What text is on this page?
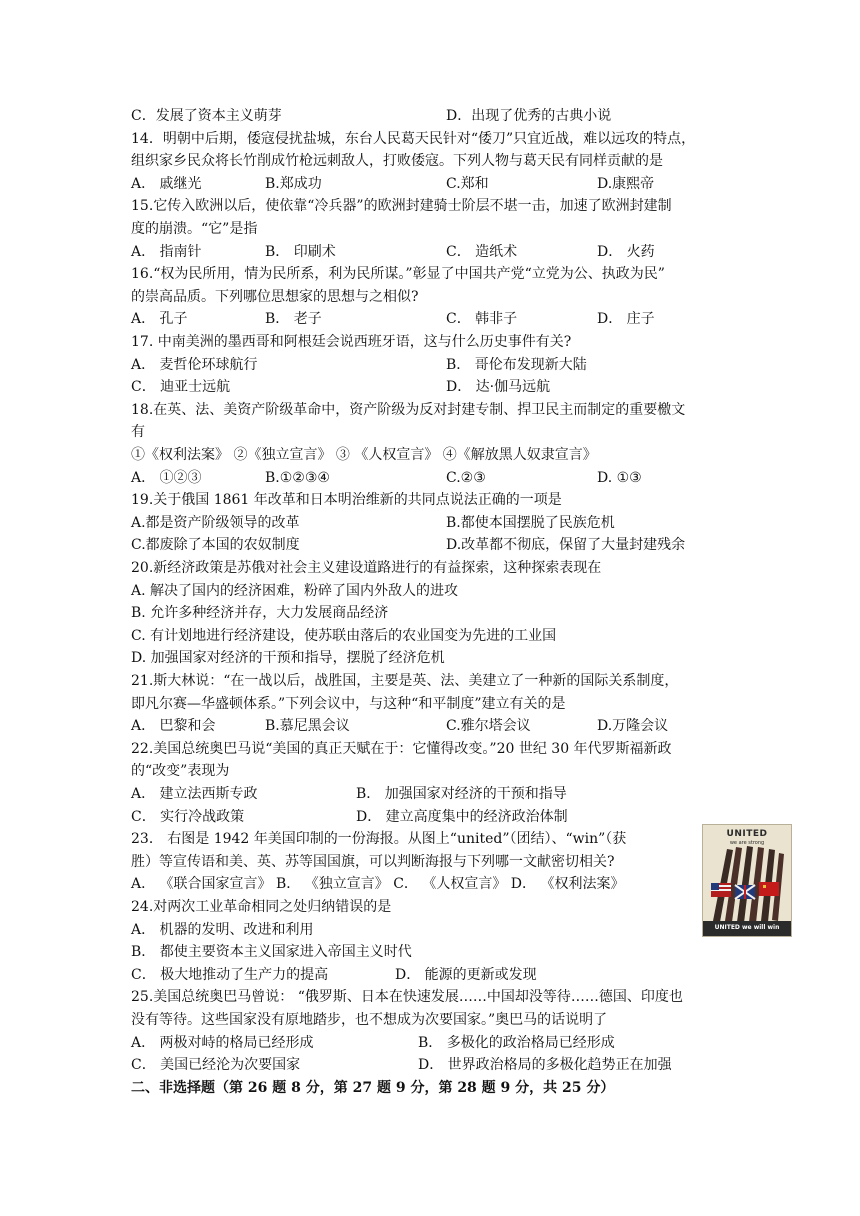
C．发展了资本主义萌芽	D．出现了优秀的古典小说
14．明朝中后期，倭寇侵扰盐城，东台人民葛天民针对“倭刀”只宜近战，难以远攻的特点，
组织家乡民众将长竹削成竹枪远刺敌人，打败倭寇。下列人物与葛天民有同样贡献的是
A． 戚继光	B.郑成功	C.郑和	D.康熙帝
15.它传入欧洲以后，使依靠“冷兵器”的欧洲封建骑士阶层不堪一击，加速了欧洲封建制
度的崩溃。“它”是指
A． 指南针	B． 印刷术	C． 造纸术	D． 火药
16.“权为民所用，情为民所系，利为民所谋。”彰显了中国共产党“立党为公、执政为民”
的崇高品质。下列哪位思想家的思想与之相似?
A． 孔子	B． 老子	C． 韩非子	D． 庄子
17. 中南美洲的墨西哥和阿根廷会说西班牙语，这与什么历史事件有关?
A． 麦哲伦环球航行	B． 哥伦布发现新大陆
C． 迪亚士远航	D． 达·伽马远航
18.在英、法、美资产阶级革命中，资产阶级为反对封建专制、捍卫民主而制定的重要檄文
有
①《权利法案》 ②《独立宣言》 ③ 《人权宣言》 ④《解放黑人奴隶宣言》
A． ①②③	B.①②③④	C.②③	D. ①③
19.关于俄国 1861 年改革和日本明治维新的共同点说法正确的一项是
A.都是资产阶级领导的改革	B.都使本国摆脱了民族危机
C.都废除了本国的农奴制度	D.改革都不彻底，保留了大量封建残余
20.新经济政策是苏俄对社会主义建设道路进行的有益探索，这种探索表现在
A. 解决了国内的经济困难，粉碎了国内外敌人的进攻
B. 允许多种经济并存，大力发展商品经济
C. 有计划地进行经济建设，使苏联由落后的农业国变为先进的工业国
D. 加强国家对经济的干预和指导，摆脱了经济危机
21.斯大林说：“在一战以后，战胜国，主要是英、法、美建立了一种新的国际关系制度，
即凡尔赛—华盛顿体系。”下列会议中，与这种“和平制度”建立有关的是
A． 巴黎和会	B.慕尼黑会议	C.雅尔塔会议	D.万隆会议
22.美国总统奥巴马说“美国的真正天赋在于：它懂得改变。”20 世纪 30 年代罗斯福新政
的“改变”表现为
A． 建立法西斯专政	B． 加强国家对经济的干预和指导
C． 实行冷战政策	D． 建立高度集中的经济政治体制
23． 右图是 1942 年美国印制的一份海报。从图上“united”（团结）、“win”（获
胜）等宣传语和美、英、苏等国国旗，可以判断海报与下列哪一文献密切相关?
A． 《联合国家宣言》 B． 《独立宣言》 C． 《人权宣言》 D． 《权利法案》
24.对两次工业革命相同之处归纳错误的是
A． 机器的发明、改进和利用
B． 都使主要资本主义国家进入帝国主义时代
C． 极大地推动了生产力的提高	D． 能源的更新或发现
25.美国总统奥巴马曾说： “俄罗斯、日本在快速发展……中国却没等待……德国、印度也
没有等待。这些国家没有原地踏步，也不想成为次要国家。”奥巴马的话说明了
A． 两极对峙的格局已经形成	B． 多极化的政治格局已经形成
C． 美国已经沦为次要国家	D． 世界政治格局的多极化趋势正在加强
二、非选择题（第 26 题 8 分，第 27 题 9 分，第 28 题 9 分，共 25 分）
UNITED
we are strong
UNITED we will win
